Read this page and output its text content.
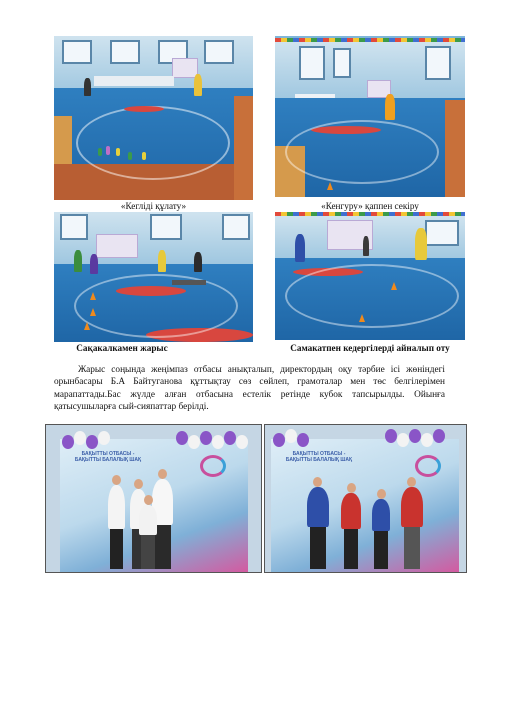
«Кегліді құлату»	«Кенгуру» қаппен секіру
Сақакалкамен жарыс	Самакатпен кедергілерді айналып оту
Жарыс соңында жеңімпаз отбасы анықталып, директордың оқу тәрбие ісі жөніндегі орынбасары Б.А Байтуганова құттықтау сөз сөйлеп, грамоталар мен төс белгілерімен марапаттады.Бас жүлде алған отбасына естелік ретінде кубок тапсырылды. Ойынға қатысушыларға сый-сияпаттар берілді.
БАҚЫТТЫ ОТБАСЫ -
БАҚЫТТЫ БАЛАЛЫҚ ШАҚ
БАҚЫТТЫ ОТБАСЫ -
БАҚЫТТЫ БАЛАЛЫҚ ШАҚ
